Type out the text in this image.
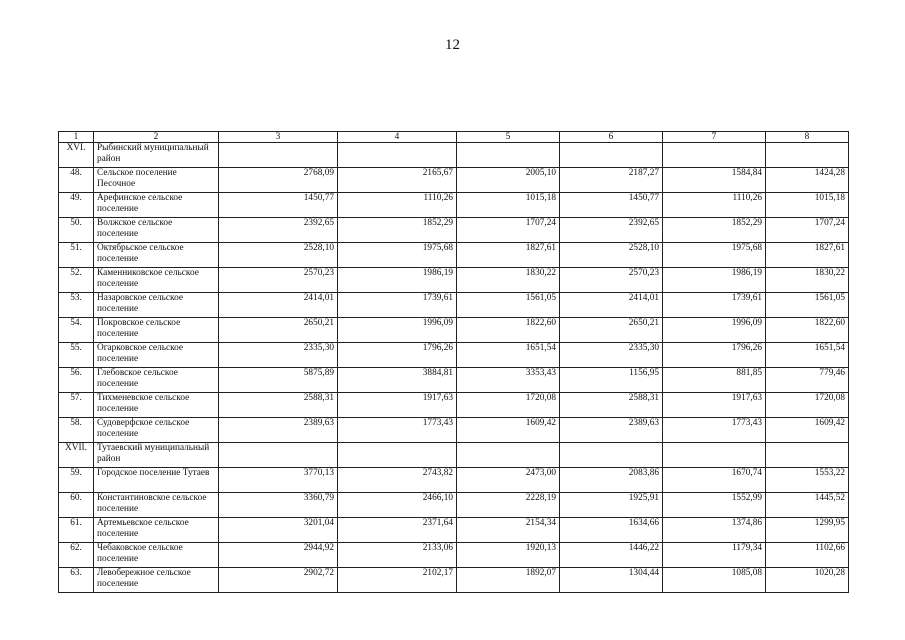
12
1	2	3	4	5	6	7	8
XVI.	Рыбинский муниципальный район						
48.	Сельское поселение Песочное	2768,09	2165,67	2005,10	2187,27	1584,84	1424,28
49.	Арефинское сельское поселение	1450,77	1110,26	1015,18	1450,77	1110,26	1015,18
50.	Волжское сельское поселение	2392,65	1852,29	1707,24	2392,65	1852,29	1707,24
51.	Октябрьское сельское поселение	2528,10	1975,68	1827,61	2528,10	1975,68	1827,61
52.	Каменниковское сельское поселение	2570,23	1986,19	1830,22	2570,23	1986,19	1830,22
53.	Назаровское сельское поселение	2414,01	1739,61	1561,05	2414,01	1739,61	1561,05
54.	Покровское сельское поселение	2650,21	1996,09	1822,60	2650,21	1996,09	1822,60
55.	Огарковское сельское поселение	2335,30	1796,26	1651,54	2335,30	1796,26	1651,54
56.	Глебовское сельское поселение	5875,89	3884,81	3353,43	1156,95	881,85	779,46
57.	Тихменевское сельское поселение	2588,31	1917,63	1720,08	2588,31	1917,63	1720,08
58.	Судоверфское сельское поселение	2389,63	1773,43	1609,42	2389,63	1773,43	1609,42
XVII.	Тутаевский муниципальный район						
59.	Городское поселение Тутаев	3770,13	2743,82	2473,00	2083,86	1670,74	1553,22
60.	Константиновское сельское поселение	3360,79	2466,10	2228,19	1925,91	1552,99	1445,52
61.	Артемьевское сельское поселение	3201,04	2371,64	2154,34	1634,66	1374,86	1299,95
62.	Чебаковское сельское поселение	2944,92	2133,06	1920,13	1446,22	1179,34	1102,66
63.	Левобережное сельское поселение	2902,72	2102,17	1892,07	1304,44	1085,08	1020,28
